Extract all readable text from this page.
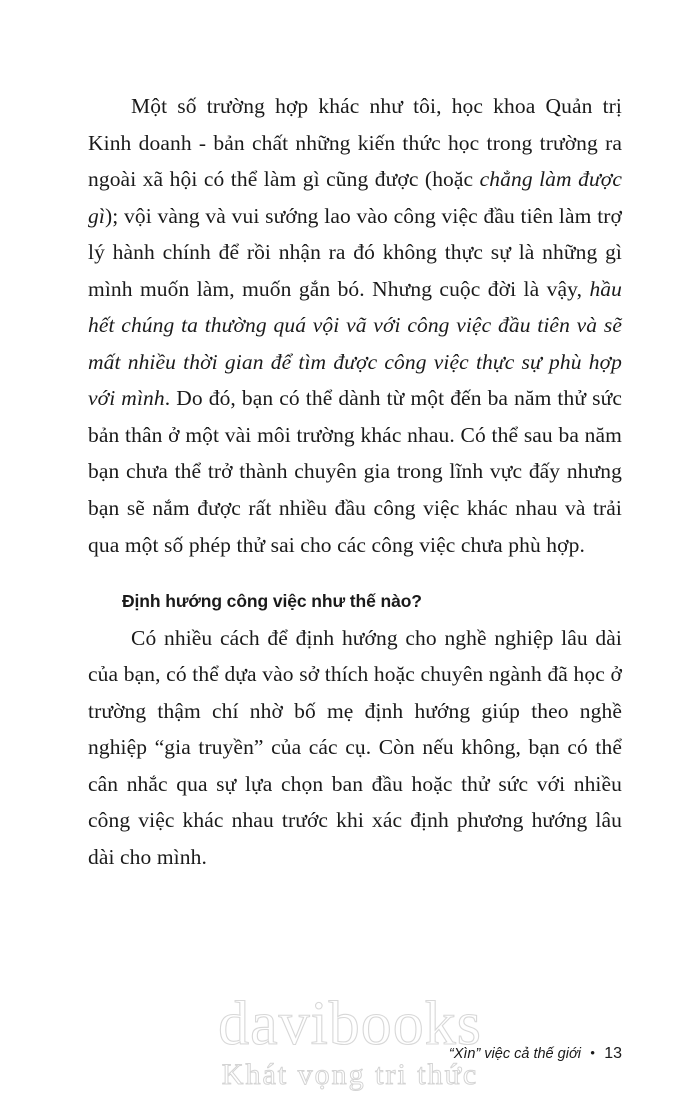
Một số trường hợp khác như tôi, học khoa Quản trị Kinh doanh - bản chất những kiến thức học trong trường ra ngoài xã hội có thể làm gì cũng được (hoặc chẳng làm được gì); vội vàng và vui sướng lao vào công việc đầu tiên làm trợ lý hành chính để rồi nhận ra đó không thực sự là những gì mình muốn làm, muốn gắn bó. Nhưng cuộc đời là vậy, hầu hết chúng ta thường quá vội vã với công việc đầu tiên và sẽ mất nhiều thời gian để tìm được công việc thực sự phù hợp với mình. Do đó, bạn có thể dành từ một đến ba năm thử sức bản thân ở một vài môi trường khác nhau. Có thể sau ba năm bạn chưa thể trở thành chuyên gia trong lĩnh vực đấy nhưng bạn sẽ nắm được rất nhiều đầu công việc khác nhau và trải qua một số phép thử sai cho các công việc chưa phù hợp.

Định hướng công việc như thế nào?

Có nhiều cách để định hướng cho nghề nghiệp lâu dài của bạn, có thể dựa vào sở thích hoặc chuyên ngành đã học ở trường thậm chí nhờ bố mẹ định hướng giúp theo nghề nghiệp “gia truyền” của các cụ. Còn nếu không, bạn có thể cân nhắc qua sự lựa chọn ban đầu hoặc thử sức với nhiều công việc khác nhau trước khi xác định phương hướng lâu dài cho mình.

davibooks
Khát vọng tri thức
“Xìn” việc cả thế giới • 13
